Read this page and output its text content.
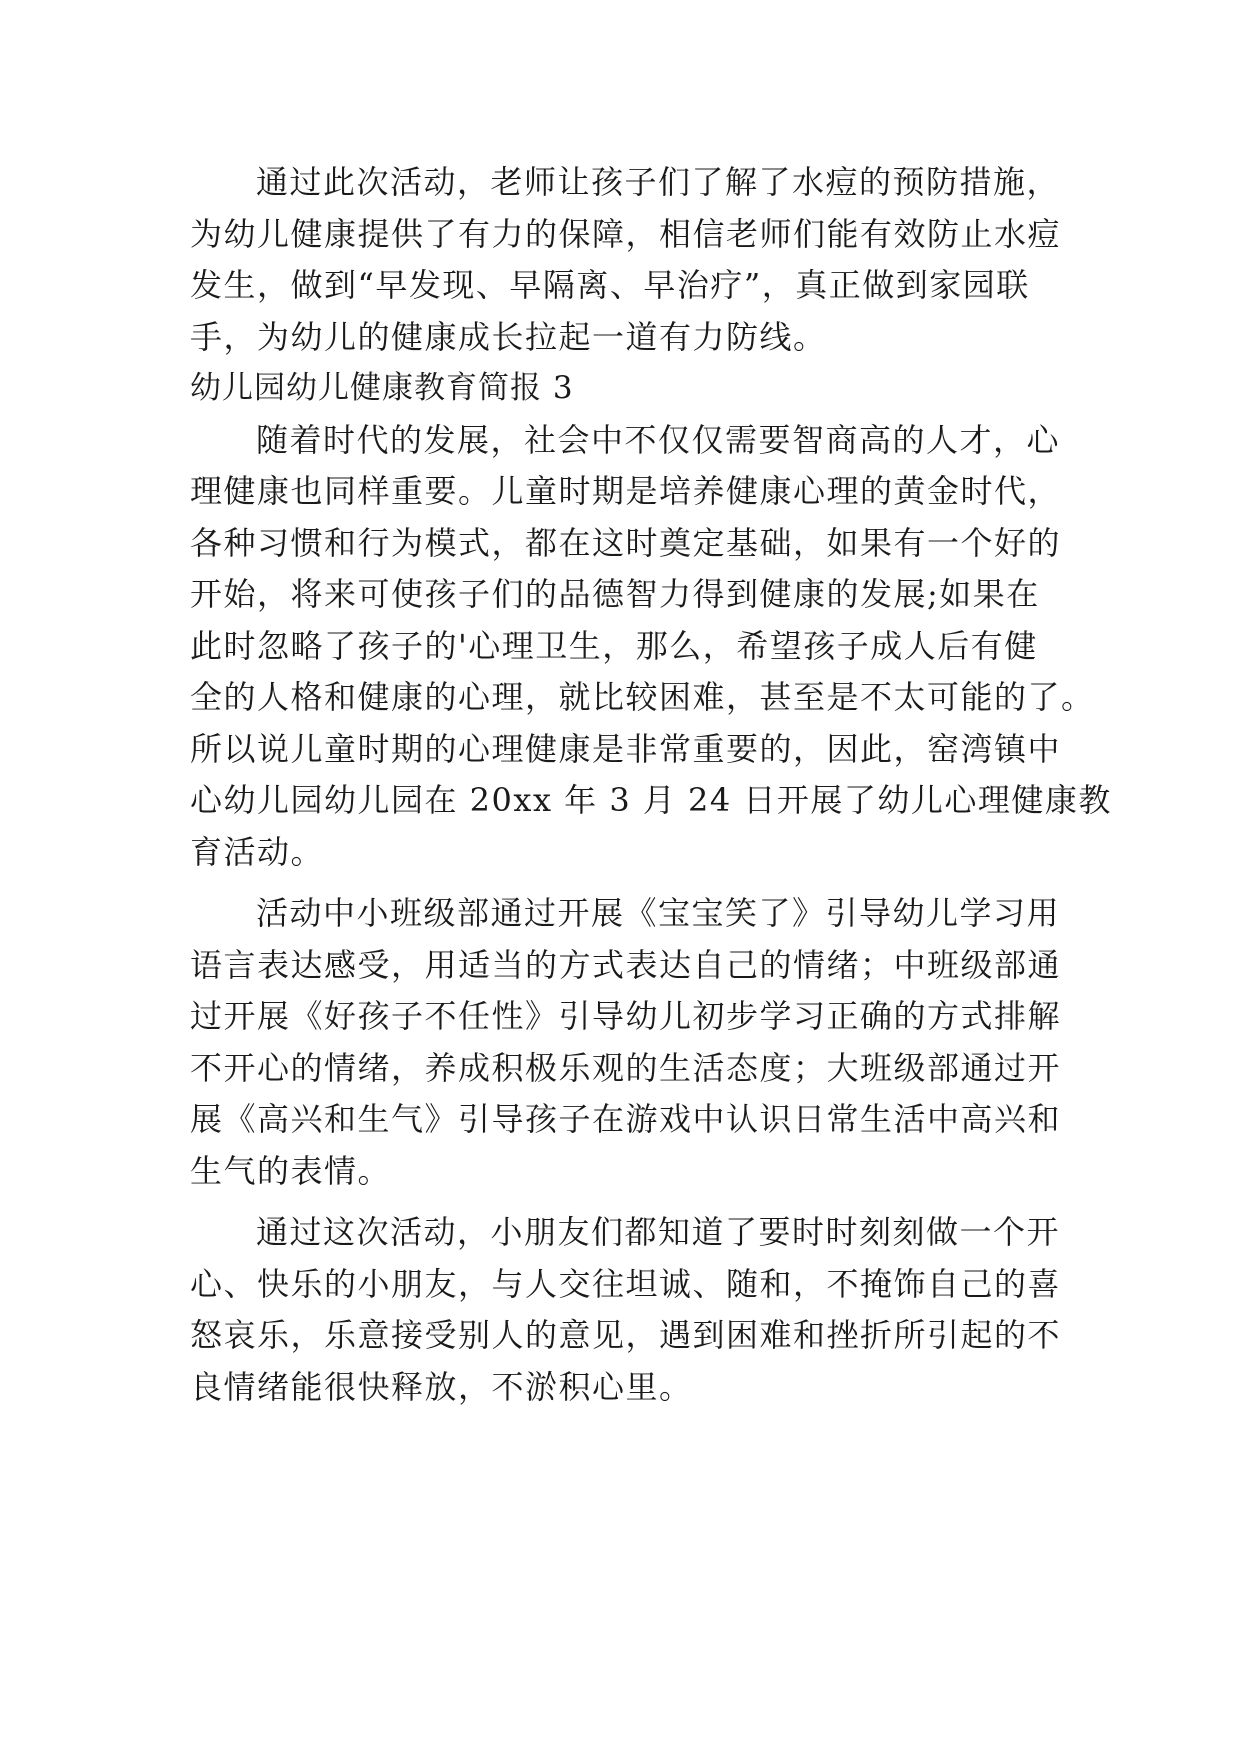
通过此次活动，老师让孩子们了解了水痘的预防措施，
为幼儿健康提供了有力的保障，相信老师们能有效防止水痘
发生，做到“早发现、早隔离、早治疗”，真正做到家园联
手，为幼儿的健康成长拉起一道有力防线。
幼儿园幼儿健康教育简报 3
随着时代的发展，社会中不仅仅需要智商高的人才，心
理健康也同样重要。儿童时期是培养健康心理的黄金时代，
各种习惯和行为模式，都在这时奠定基础，如果有一个好的
开始，将来可使孩子们的品德智力得到健康的发展;如果在
此时忽略了孩子的'心理卫生，那么，希望孩子成人后有健
全的人格和健康的心理，就比较困难，甚至是不太可能的了。
所以说儿童时期的心理健康是非常重要的，因此，窑湾镇中
心幼儿园幼儿园在 20xx 年 3 月 24 日开展了幼儿心理健康教
育活动。
活动中小班级部通过开展《宝宝笑了》引导幼儿学习用
语言表达感受，用适当的方式表达自己的情绪；中班级部通
过开展《好孩子不任性》引导幼儿初步学习正确的方式排解
不开心的情绪，养成积极乐观的生活态度；大班级部通过开
展《高兴和生气》引导孩子在游戏中认识日常生活中高兴和
生气的表情。
通过这次活动，小朋友们都知道了要时时刻刻做一个开
心、快乐的小朋友，与人交往坦诚、随和，不掩饰自己的喜
怒哀乐，乐意接受别人的意见，遇到困难和挫折所引起的不
良情绪能很快释放，不淤积心里。
